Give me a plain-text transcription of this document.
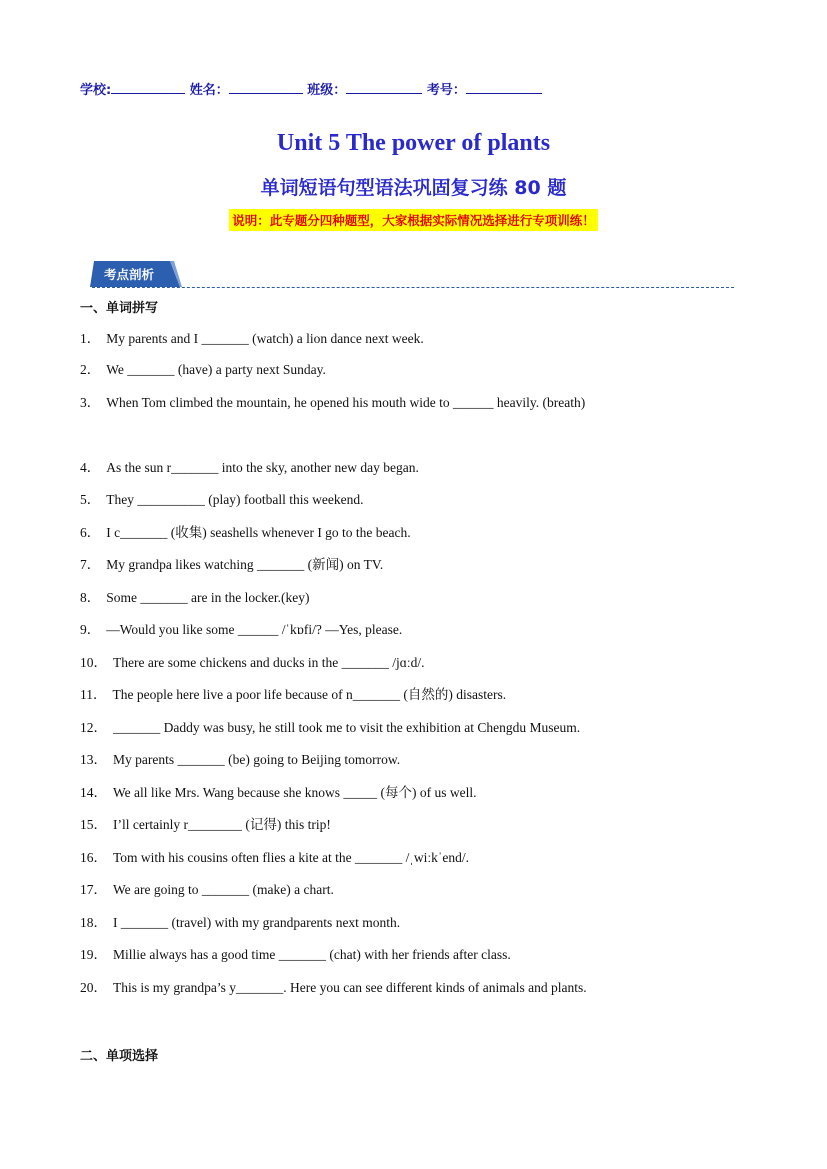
学校:	姓名：	班级：	考号：
Unit 5 The power of plants
单词短语句型语法巩固复习练 80 题
说明：此专题分四种题型，大家根据实际情况选择进行专项训练！
考点剖析
一、单词拼写
1． My parents and I _______ (watch) a lion dance next week.
2． We _______ (have) a party next Sunday.
3． When Tom climbed the mountain, he opened his mouth wide to ______ heavily. (breath)
4． As the sun r_______ into the sky, another new day began.
5． They __________ (play) football this weekend.
6． I c_______ (收集) seashells whenever I go to the beach.
7． My grandpa likes watching _______ (新闻) on TV.
8． Some _______ are in the locker.(key)
9． —Would you like some ______ /ˈkɒfi/? —Yes, please.
10． There are some chickens and ducks in the _______ /jɑːd/.
11． The people here live a poor life because of n_______ (自然的) disasters.
12． _______ Daddy was busy, he still took me to visit the exhibition at Chengdu Museum.
13． My parents _______ (be) going to Beijing tomorrow.
14． We all like Mrs. Wang because she knows _____ (每个) of us well.
15． I’ll certainly r________ (记得) this trip!
16． Tom with his cousins often flies a kite at the _______ /ˌwiːkˈend/.
17． We are going to _______ (make) a chart.
18． I _______ (travel) with my grandparents next month.
19． Millie always has a good time _______ (chat) with her friends after class.
20． This is my grandpa’s y_______. Here you can see different kinds of animals and plants.
二、单项选择
